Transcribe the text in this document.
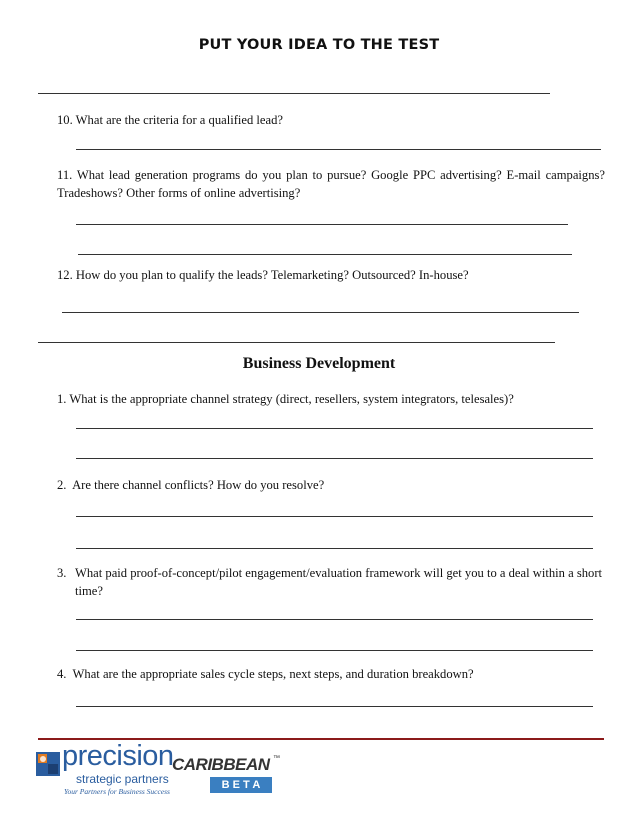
PUT YOUR IDEA TO THE TEST
10. What are the criteria for a qualified lead?
11. What lead generation programs do you plan to pursue? Google PPC advertising? E-mail campaigns? Tradeshows? Other forms of online advertising?
12. How do you plan to qualify the leads? Telemarketing? Outsourced? In-house?
Business Development
1. What is the appropriate channel strategy (direct, resellers, system integrators, telesales)?
2. Are there channel conflicts? How do you resolve?
3. What paid proof-of-concept/pilot engagement/evaluation framework will get you to a deal within a short time?
4. What are the appropriate sales cycle steps, next steps, and duration breakdown?
precision
strategic partners
Your Partners for Business Success
CARIBBEAN ™
B E T A
